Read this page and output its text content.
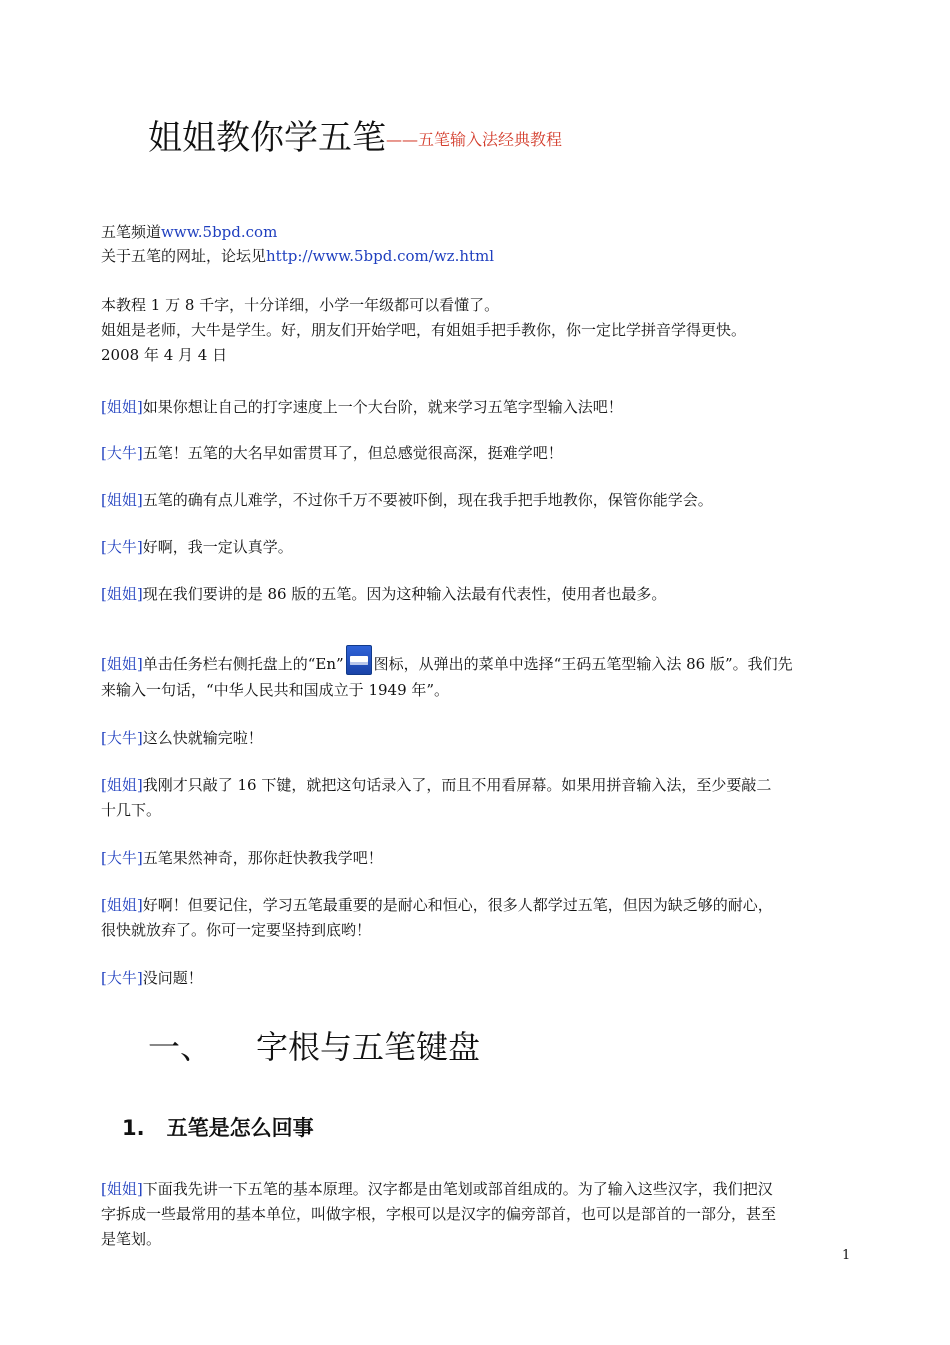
姐姐教你学五笔$^{——五笔输入法经典教程}$
五笔频道www.5bpd.com
关于五笔的网址，论坛见http://www.5bpd.com/wz.html
本教程 1 万 8 千字，十分详细，小学一年级都可以看懂了。
姐姐是老师，大牛是学生。好，朋友们开始学吧，有姐姐手把手教你，你一定比学拼音学得更快。
2008 年 4 月 4 日
[姐姐]如果你想让自己的打字速度上一个大台阶，就来学习五笔字型输入法吧！
[大牛]五笔！五笔的大名早如雷贯耳了，但总感觉很高深，挺难学吧！
[姐姐]五笔的确有点儿难学，不过你千万不要被吓倒，现在我手把手地教你，保管你能学会。
[大牛]好啊，我一定认真学。
[姐姐]现在我们要讲的是 86 版的五笔。因为这种输入法最有代表性，使用者也最多。
[姐姐]单击任务栏右侧托盘上的“En” 图标，从弹出的菜单中选择“王码五笔型输入法 86 版”。我们先
来输入一句话，“中华人民共和国成立于 1949 年”。
[大牛]这么快就输完啦！
[姐姐]我刚才只敲了 16 下键，就把这句话录入了，而且不用看屏幕。如果用拼音输入法，至少要敲二
十几下。
[大牛]五笔果然神奇，那你赶快教我学吧！
[姐姐]好啊！但要记住，学习五笔最重要的是耐心和恒心，很多人都学过五笔，但因为缺乏够的耐心，
很快就放弃了。你可一定要坚持到底哟！
[大牛]没问题！
一、 字根与五笔键盘
1. 五笔是怎么回事
[姐姐]下面我先讲一下五笔的基本原理。汉字都是由笔划或部首组成的。为了输入这些汉字，我们把汉
字拆成一些最常用的基本单位，叫做字根，字根可以是汉字的偏旁部首，也可以是部首的一部分，甚至
是笔划。
1
